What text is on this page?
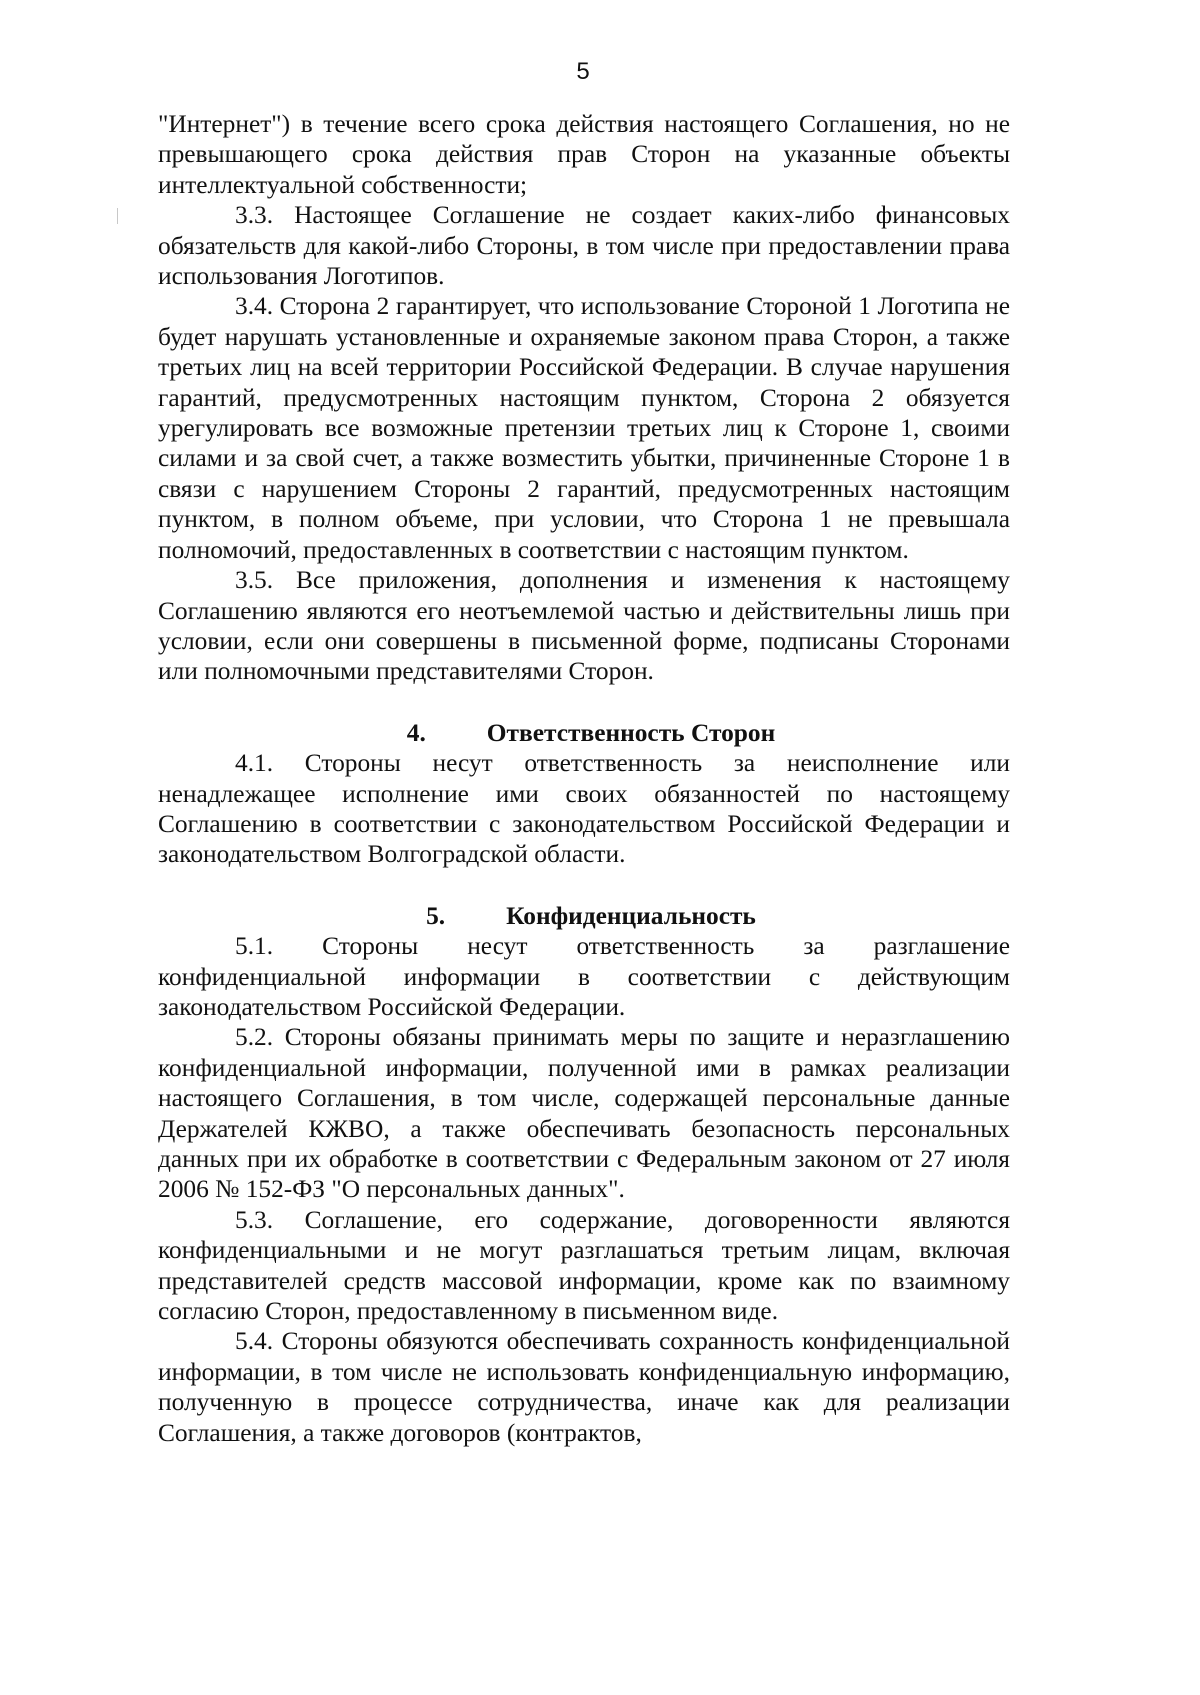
5

"Интернет") в течение всего срока действия настоящего Соглашения, но не превышающего срока действия прав Сторон на указанные объекты интеллектуальной собственности;

3.3. Настоящее Соглашение не создает каких-либо финансовых обязательств для какой-либо Стороны, в том числе при предоставлении права использования Логотипов.

3.4. Сторона 2 гарантирует, что использование Стороной 1 Логотипа не будет нарушать установленные и охраняемые законом права Сторон, а также третьих лиц на всей территории Российской Федерации. В случае нарушения гарантий, предусмотренных настоящим пунктом, Сторона 2 обязуется урегулировать все возможные претензии третьих лиц к Стороне 1, своими силами и за свой счет, а также возместить убытки, причиненные Стороне 1 в связи с нарушением Стороны 2 гарантий, предусмотренных настоящим пунктом, в полном объеме, при условии, что Сторона 1 не превышала полномочий, предоставленных в соответствии с настоящим пунктом.

3.5. Все приложения, дополнения и изменения к настоящему Соглашению являются его неотъемлемой частью и действительны лишь при условии, если они совершены в письменной форме, подписаны Сторонами или полномочными представителями Сторон.

4. Ответственность Сторон

4.1. Стороны несут ответственность за неисполнение или ненадлежащее исполнение ими своих обязанностей по настоящему Соглашению в соответствии с законодательством Российской Федерации и законодательством Волгоградской области.

5. Конфиденциальность

5.1. Стороны несут ответственность за разглашение конфиденциальной информации в соответствии с действующим законодательством Российской Федерации.

5.2. Стороны обязаны принимать меры по защите и неразглашению конфиденциальной информации, полученной ими в рамках реализации настоящего Соглашения, в том числе, содержащей персональные данные Держателей КЖВО, а также обеспечивать безопасность персональных данных при их обработке в соответствии с Федеральным законом от 27 июля 2006 № 152-ФЗ "О персональных данных".

5.3. Соглашение, его содержание, договоренности являются конфиденциальными и не могут разглашаться третьим лицам, включая представителей средств массовой информации, кроме как по взаимному согласию Сторон, предоставленному в письменном виде.

5.4. Стороны обязуются обеспечивать сохранность конфиденциальной информации, в том числе не использовать конфиденциальную информацию, полученную в процессе сотрудничества, иначе как для реализации Соглашения, а также договоров (контрактов,
